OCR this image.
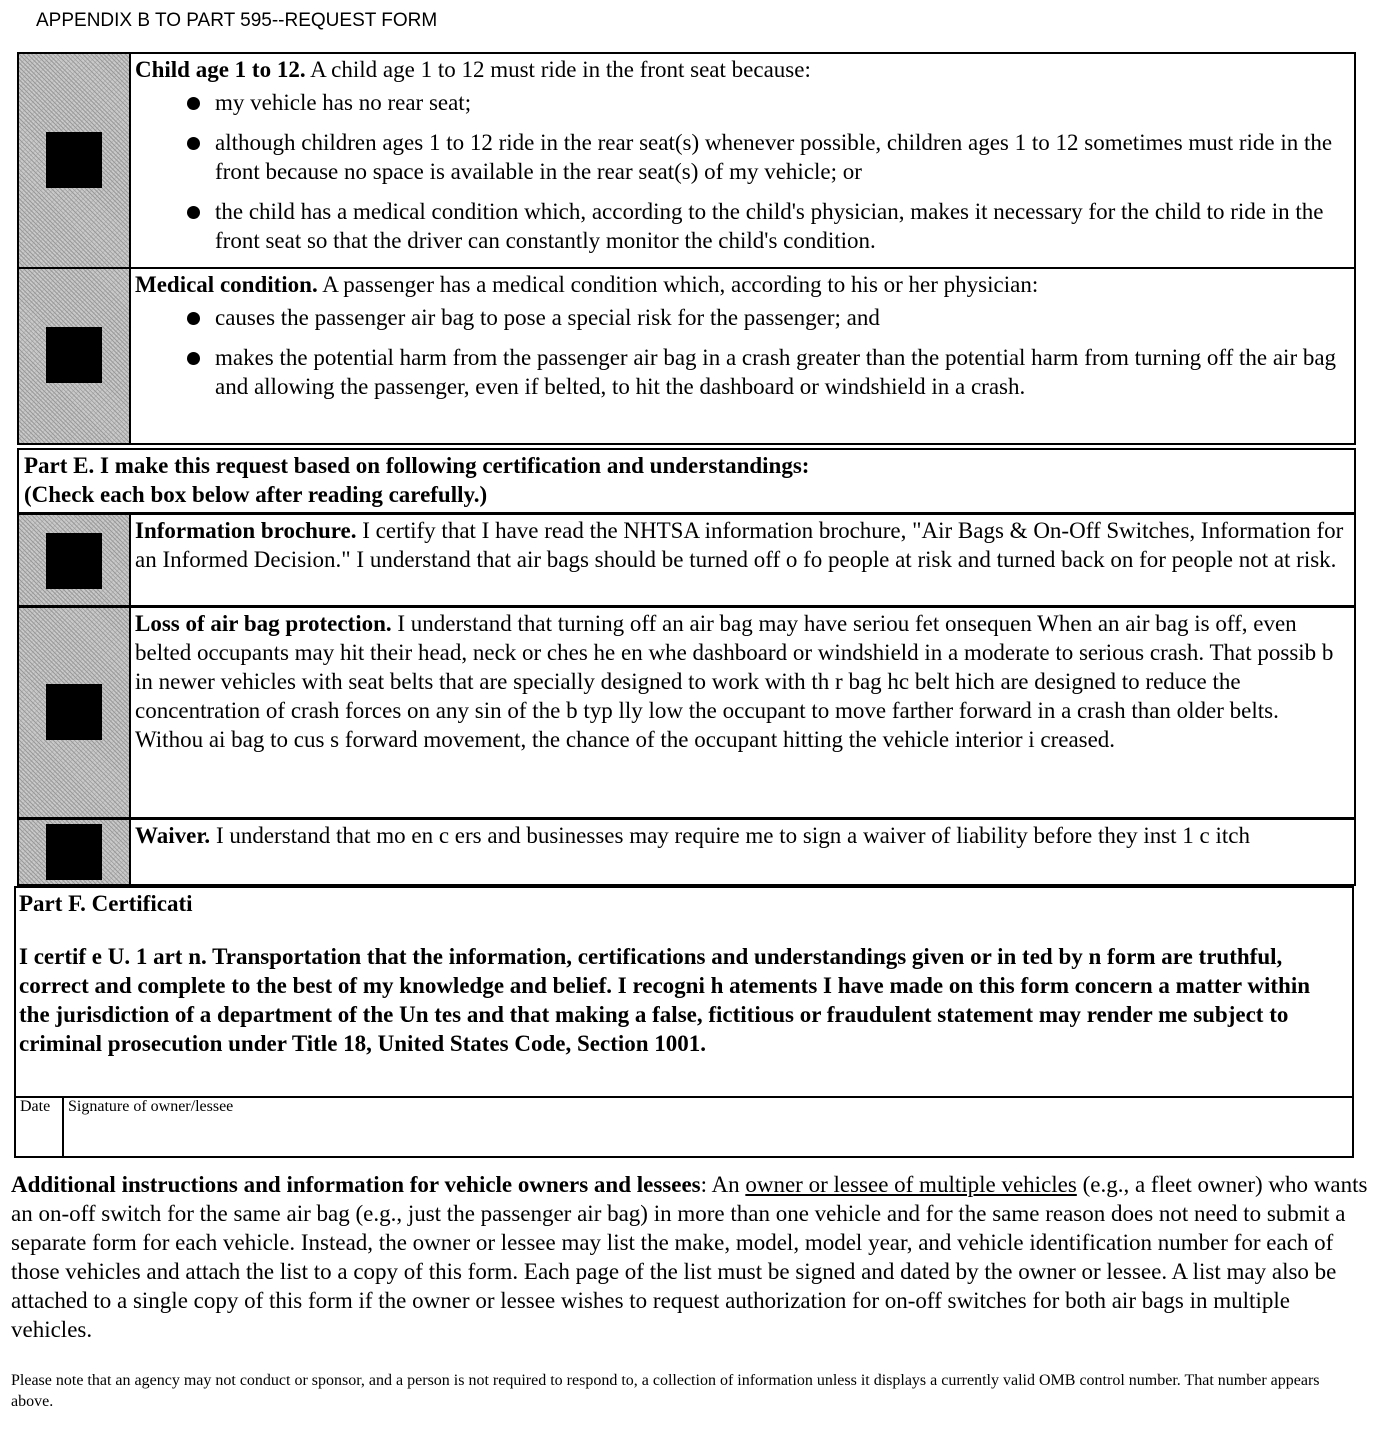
APPENDIX B TO PART 595--REQUEST FORM
Child age 1 to 12. A child age 1 to 12 must ride in the front seat because:
my vehicle has no rear seat;
although children ages 1 to 12 ride in the rear seat(s) whenever possible, children ages 1 to 12 sometimes must ride in the front because no space is available in the rear seat(s) of my vehicle; or
the child has a medical condition which, according to the child's physician, makes it necessary for the child to ride in the front seat so that the driver can constantly monitor the child's condition.
Medical condition. A passenger has a medical condition which, according to his or her physician:
causes the passenger air bag to pose a special risk for the passenger; and
makes the potential harm from the passenger air bag in a crash greater than the potential harm from turning off the air bag and allowing the passenger, even if belted, to hit the dashboard or windshield in a crash.
Part E. I make this request based on following certification and understandings:
(Check each box below after reading carefully.)
Information brochure. I certify that I have read the NHTSA information brochure, "Air Bags & On-Off Switches, Information for an Informed Decision." I understand that air bags should be turned off o fo people at risk and turned back on for people not at risk.
Loss of air bag protection. I understand that turning off an air bag may have seriou fet onsequen When an air bag is off, even belted occupants may hit their head, neck or ches he en whe dashboard or windshield in a moderate to serious crash. That possib b in newer vehicles with seat belts that are specially designed to work with th r bag hc belt hich are designed to reduce the concentration of crash forces on any sin of the b typ lly low the occupant to move farther forward in a crash than older belts. Withou ai bag to cus s forward movement, the chance of the occupant hitting the vehicle interior i creased.
Waiver. I understand that mo en c ers and businesses may require me to sign a waiver of liability before they inst 1 c itch
Part F. Certificati
I certif e U. 1 art n. Transportation that the information, certifications and understandings given or in ted by n form are truthful, correct and complete to the best of my knowledge and belief. I recogni h atements I have made on this form concern a matter within the jurisdiction of a department of the Un tes and that making a false, fictitious or fraudulent statement may render me subject to criminal prosecution under Title 18, United States Code, Section 1001.
Date Signature of owner/lessee
Additional instructions and information for vehicle owners and lessees: An owner or lessee of multiple vehicles (e.g., a fleet owner) who wants an on-off switch for the same air bag (e.g., just the passenger air bag) in more than one vehicle and for the same reason does not need to submit a separate form for each vehicle. Instead, the owner or lessee may list the make, model, model year, and vehicle identification number for each of those vehicles and attach the list to a copy of this form. Each page of the list must be signed and dated by the owner or lessee. A list may also be attached to a single copy of this form if the owner or lessee wishes to request authorization for on-off switches for both air bags in multiple vehicles.
Please note that an agency may not conduct or sponsor, and a person is not required to respond to, a collection of information unless it displays a currently valid OMB control number. That number appears above.
